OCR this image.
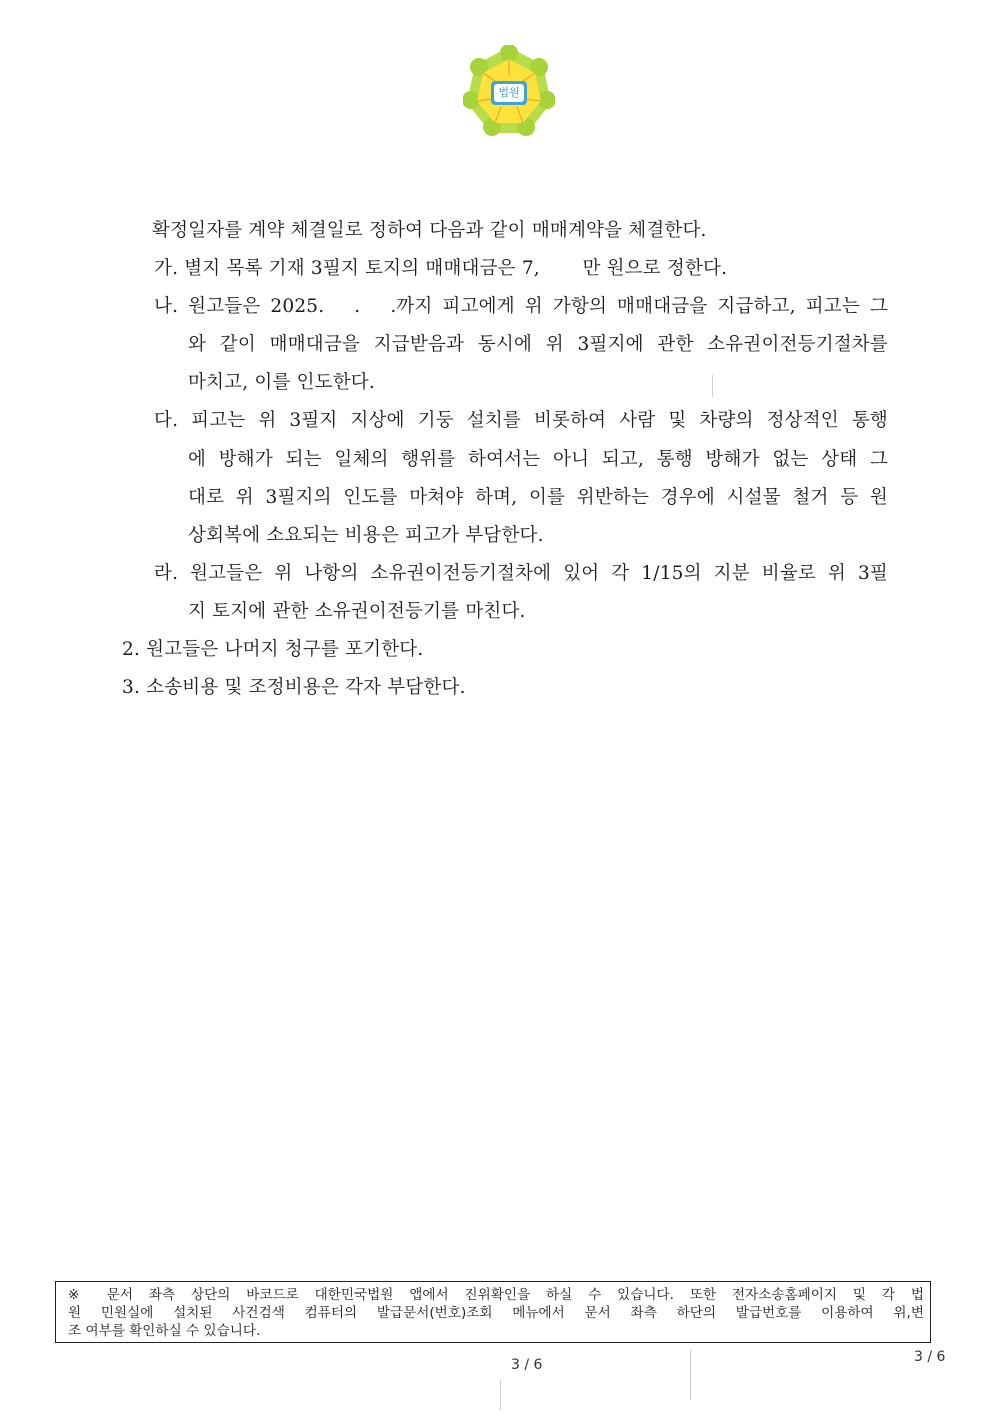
법원
확정일자를 계약 체결일로 정하여 다음과 같이 매매계약을 체결한다.
가. 별지 목록 기재 3필지 토지의 매매대금은 7,       만 원으로 정한다.
나. 원고들은 2025.   .   .까지 피고에게 위 가항의 매매대금을 지급하고, 피고는 그
와 같이 매매대금을 지급받음과 동시에 위 3필지에 관한 소유권이전등기절차를
마치고, 이를 인도한다.
다. 피고는 위 3필지 지상에 기둥 설치를 비롯하여 사람 및 차량의 정상적인 통행
에 방해가 되는 일체의 행위를 하여서는 아니 되고, 통행 방해가 없는 상태 그
대로 위 3필지의 인도를 마쳐야 하며, 이를 위반하는 경우에 시설물 철거 등 원
상회복에 소요되는 비용은 피고가 부담한다.
라. 원고들은 위 나항의 소유권이전등기절차에 있어 각 1/15의 지분 비율로 위 3필
지 토지에 관한 소유권이전등기를 마친다.
2. 원고들은 나머지 청구를 포기한다.
3. 소송비용 및 조정비용은 각자 부담한다.
※ 문서 좌측 상단의 바코드로 대한민국법원 앱에서 진위확인을 하실 수 있습니다. 또한 전자소송홈페이지 및 각 법
원 민원실에 설치된 사건검색 컴퓨터의 발급문서(번호)조회 메뉴에서 문서 좌측 하단의 발급번호를 이용하여 위,변
조 여부를 확인하실 수 있습니다.
3 / 6	3 / 6
